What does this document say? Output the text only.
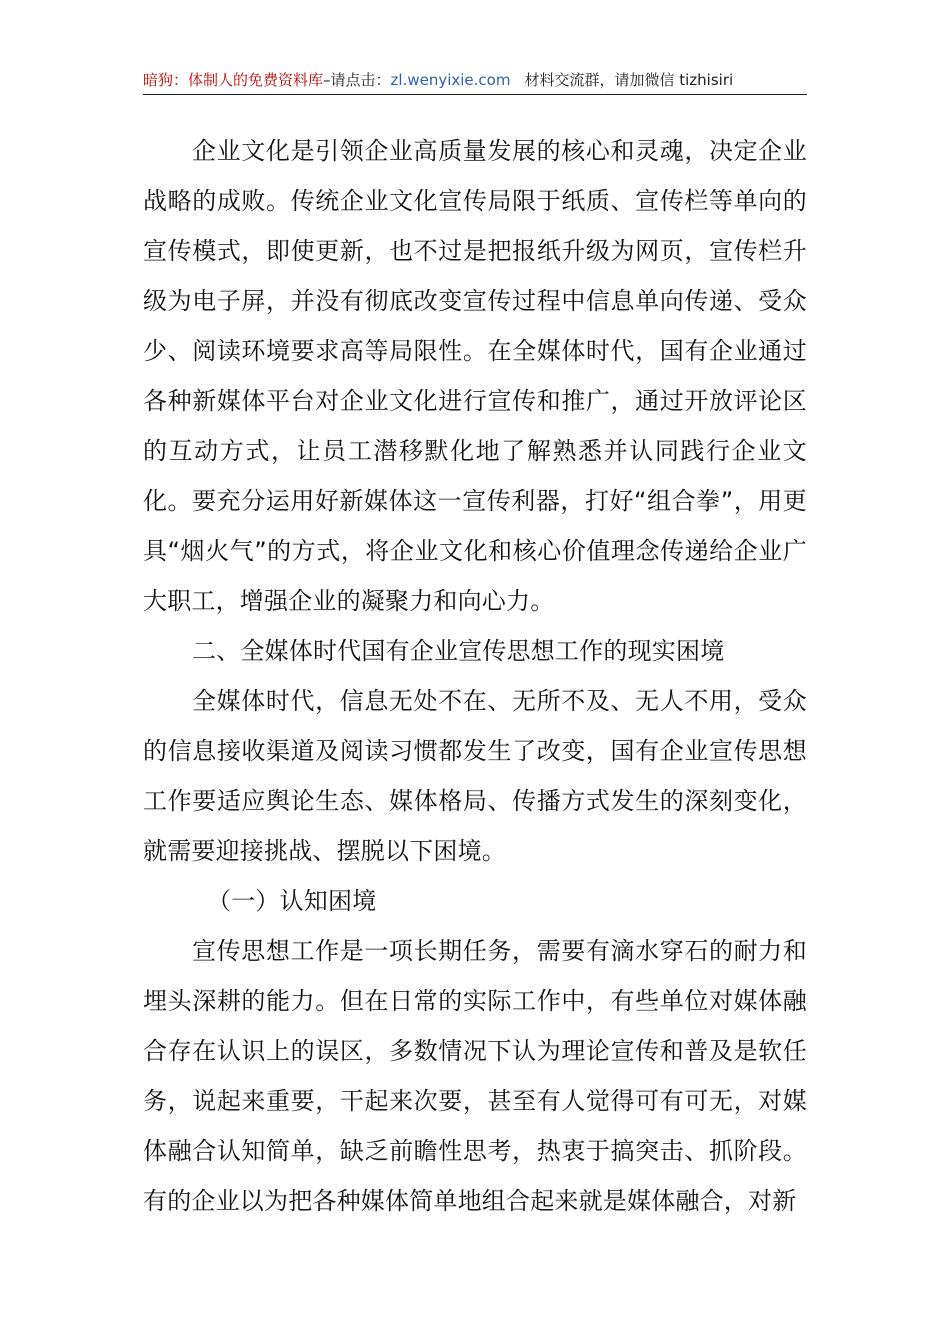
暗狗：体制人的免费资料库–请点击：zl.wenyixie.com 材料交流群，请加微信 tizhisiri

企业文化是引领企业高质量发展的核心和灵魂，决定企业战略的成败。传统企业文化宣传局限于纸质、宣传栏等单向的宣传模式，即使更新，也不过是把报纸升级为网页，宣传栏升级为电子屏，并没有彻底改变宣传过程中信息单向传递、受众少、阅读环境要求高等局限性。在全媒体时代，国有企业通过各种新媒体平台对企业文化进行宣传和推广，通过开放评论区的互动方式，让员工潜移默化地了解熟悉并认同践行企业文化。要充分运用好新媒体这一宣传利器，打好“组合拳”，用更具“烟火气”的方式，将企业文化和核心价值理念传递给企业广大职工，增强企业的凝聚力和向心力。

二、全媒体时代国有企业宣传思想工作的现实困境

全媒体时代，信息无处不在、无所不及、无人不用，受众的信息接收渠道及阅读习惯都发生了改变，国有企业宣传思想工作要适应舆论生态、媒体格局、传播方式发生的深刻变化，就需要迎接挑战、摆脱以下困境。

（一）认知困境

宣传思想工作是一项长期任务，需要有滴水穿石的耐力和埋头深耕的能力。但在日常的实际工作中，有些单位对媒体融合存在认识上的误区，多数情况下认为理论宣传和普及是软任务，说起来重要，干起来次要，甚至有人觉得可有可无，对媒体融合认知简单，缺乏前瞻性思考，热衷于搞突击、抓阶段。有的企业以为把各种媒体简单地组合起来就是媒体融合，对新
